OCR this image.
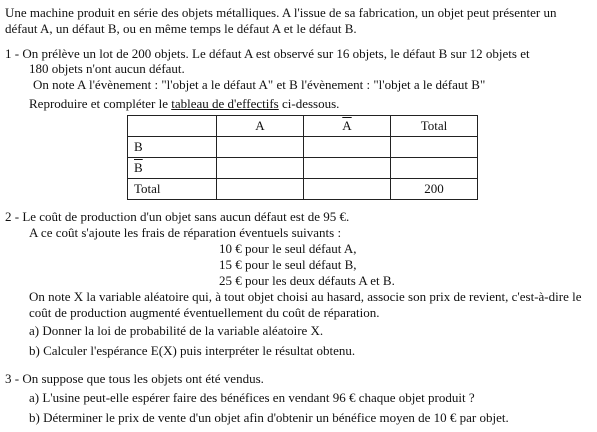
Une machine produit en série des objets métalliques. A l'issue de sa fabrication, un objet peut présenter un
défaut A, un défaut B, ou en même temps le défaut A et le défaut B.
1 - On prélève un lot de 200 objets. Le défaut A est observé sur 16 objets, le défaut B sur 12 objets et
180 objets n'ont aucun défaut.
On note A l'évènement : "l'objet a le défaut A" et B l'évènement : "l'objet a le défaut B"
Reproduire et compléter le tableau de d'effectifs ci-dessous.
	A	$\overline{A}$	Total
B			
$\overline{B}$			
Total			200
2 - Le coût de production d'un objet sans aucun défaut est de 95 €.
A ce coût s'ajoute les frais de réparation éventuels suivants :
10 € pour le seul défaut A,
15 € pour le seul défaut B,
25 € pour les deux défauts A et B.
On note X la variable aléatoire qui, à tout objet choisi au hasard, associe son prix de revient, c'est-à-dire le
coût de production augmenté éventuellement du coût de réparation.
a) Donner la loi de probabilité de la variable aléatoire X.
b) Calculer l'espérance E(X) puis interpréter le résultat obtenu.
3 - On suppose que tous les objets ont été vendus.
a) L'usine peut-elle espérer faire des bénéfices en vendant 96 € chaque objet produit ?
b) Déterminer le prix de vente d'un objet afin d'obtenir un bénéfice moyen de 10 € par objet.
